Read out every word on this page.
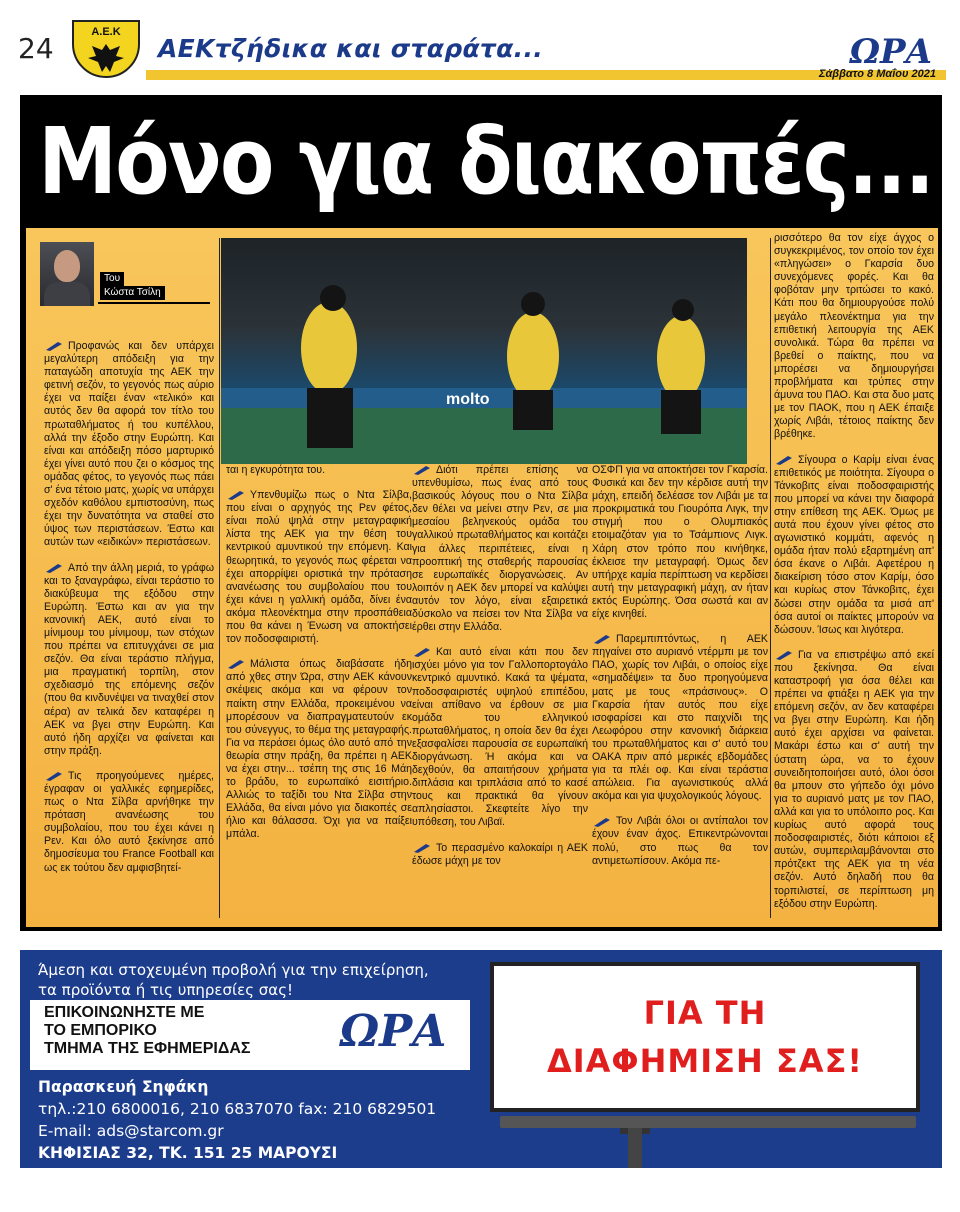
24	Α.Ε.Κ
ΑΕΚτζήδικα και σταράτα...	ΩΡΑ
Σάββατο 8 Μαΐου 2021
Μόνο για διακοπές...
Του
Κώστα Τσίλη
molto

Προφανώς και δεν υπάρχει μεγαλύτερη απόδειξη για την παταγώδη αποτυχία της ΑΕΚ την φετινή σεζόν, το γεγονός πως αύριο έχει να παίξει έναν «τελικό» και αυτός δεν θα αφορά τον τίτλο του πρωταθλήματος ή του κυπέλλου, αλλά την έξοδο στην Ευρώπη. Και είναι και απόδειξη πόσο μαρτυρικό έχει γίνει αυτό που ζει ο κόσμος της ομάδας φέτος, το γεγονός πως πάει σ' ένα τέτοιο ματς, χωρίς να υπάρχει σχεδόν καθόλου εμπιστοσύνη, πως έχει την δυνατότητα να σταθεί στο ύψος των περιστάσεων. Έστω και αυτών των «ειδικών» περιστάσεων.

Από την άλλη μεριά, το γράφω και το ξαναγράφω, είναι τεράστιο το διακύβευμα της εξόδου στην Ευρώπη. Έστω και αν για την κανονική ΑΕΚ, αυτό είναι το μίνιμουμ του μίνιμουμ, των στόχων που πρέπει να επιτυγχάνει σε μια σεζόν. Θα είναι τεράστιο πλήγμα, μια πραγματική τορπίλη, στον σχεδιασμό της επόμενης σεζόν (που θα κινδυνέψει να τιναχθεί στον αέρα) αν τελικά δεν καταφέρει η ΑΕΚ να βγει στην Ευρώπη. Και αυτό ήδη αρχίζει να φαίνεται και στην πράξη.

Τις προηγούμενες ημέρες, έγραφαν οι γαλλικές εφημερίδες, πως ο Ντα Σίλβα αρνήθηκε την πρόταση ανανέωσης του συμβολαίου, που του έχει κάνει η Ρεν. Και όλο αυτό ξεκίνησε από δημοσίευμα του France Football και ως εκ τούτου δεν αμφισβητεί-

ται η εγκυρότητα του.

Υπενθυμίζω πως ο Ντα Σίλβα, που είναι ο αρχηγός της Ρεν φέτος, είναι πολύ ψηλά στην μεταγραφική λίστα της ΑΕΚ για την θέση του κεντρικού αμυντικού την επόμενη. Και θεωρητικά, το γεγονός πως φέρεται να έχει απορρίψει οριστικά την πρόταση ανανέωσης του συμβολαίου που του έχει κάνει η γαλλική ομάδα, δίνει ένα ακόμα πλεονέκτημα στην προσπάθεια που θα κάνει η Ένωση να αποκτήσει τον ποδοσφαιριστή.

Μάλιστα όπως διαβάσατε ήδη από χθες στην Ώρα, στην ΑΕΚ κάνουν σκέψεις ακόμα και να φέρουν τον παίκτη στην Ελλάδα, προκειμένου να μπορέσουν να διαπραγματευτούν εκ του σύνεγγυς, το θέμα της μεταγραφής. Για να περάσει όμως όλο αυτό από την θεωρία στην πράξη, θα πρέπει η ΑΕΚ να έχει στην... τσέπη της στις 16 Μάη το βράδυ, το ευρωπαϊκό εισιτήριο. Αλλιώς το ταξίδι του Ντα Σίλβα στην Ελλάδα, θα είναι μόνο για διακοπές σε ήλιο και θάλασσα. Όχι για να παίξει μπάλα.

Διότι πρέπει επίσης να υπενθυμίσω, πως ένας από τους βασικούς λόγους που ο Ντα Σίλβα δεν θέλει να μείνει στην Ρεν, σε μια μεσαίου βεληνεκούς ομάδα του γαλλικού πρωταθλήματος και κοιτάζει για άλλες περιπέτειες, είναι η προοπτική της σταθερής παρουσίας σε ευρωπαϊκές διοργανώσεις. Αν λοιπόν η ΑΕΚ δεν μπορεί να καλύψει αυτόν τον λόγο, είναι εξαιρετικά δύσκολο να πείσει τον Ντα Σίλβα να έρθει στην Ελλάδα.

Και αυτό είναι κάτι που δεν ισχύει μόνο για τον Γαλλοπορτογάλο κεντρικό αμυντικό. Κακά τα ψέματα, ποδοσφαιριστές υψηλού επιπέδου, είναι απίθανο να έρθουν σε μια ομάδα του ελληνικού πρωταθλήματος, η οποία δεν θα έχει εξασφαλίσει παρουσία σε ευρωπαϊκή διοργάνωση. Ή ακόμα και να δεχθούν, θα απαιτήσουν χρήματα διπλάσια και τριπλάσια από το κασέ τους και πρακτικά θα γίνουν απλησίαστοι. Σκεφτείτε λίγο την υπόθεση, του Λιβαϊ.

Το περασμένο καλοκαίρι η ΑΕΚ έδωσε μάχη με τον

ΟΣΦΠ για να αποκτήσει τον Γκαρσία. Φυσικά και δεν την κέρδισε αυτή την μάχη, επειδή δελέασε τον Λιβάι με τα προκριματικά του Γιουρόπα Λιγκ, την στιγμή που ο Ολυμπιακός ετοιμαζόταν για το Τσάμπιονς Λιγκ. Χάρη στον τρόπο που κινήθηκε, έκλεισε την μεταγραφή. Όμως δεν υπήρχε καμία περίπτωση να κερδίσει αυτή την μεταγραφική μάχη, αν ήταν εκτός Ευρώπης. Όσα σωστά και αν είχε κινηθεί.

Παρεμπιπτόντως, η ΑΕΚ πηγαίνει στο αυριανό ντέρμπι με τον ΠΑΟ, χωρίς τον Λιβάι, ο οποίος είχε «σημαδέψει» τα δυο προηγούμενα ματς με τους «πράσινους». Ο Γκαρσία ήταν αυτός που είχε ισοφαρίσει και στο παιχνίδι της Λεωφόρου στην κανονική διάρκεια του πρωταθλήματος και σ' αυτό του ΟΑΚΑ πριν από μερικές εβδομάδες για τα πλέι οφ. Και είναι τεράστια απώλεια. Για αγωνιστικούς αλλά ακόμα και για ψυχολογικούς λόγους.

Τον Λιβάι όλοι οι αντίπαλοι τον έχουν έναν άχος. Επικεντρώνονται πολύ, στο πως θα τον αντιμετωπίσουν. Ακόμα πε-

ρισσότερο θα τον είχε άγχος ο συγκεκριμένος, τον οποίο τον έχει «πληγώσει» ο Γκαρσία δυο συνεχόμενες φορές. Και θα φοβόταν μην τριτώσει το κακό. Κάτι που θα δημιουργούσε πολύ μεγάλο πλεονέκτημα για την επιθετική λειτουργία της ΑΕΚ συνολικά. Τώρα θα πρέπει να βρεθεί ο παίκτης, που να μπορέσει να δημιουργήσει προβλήματα και τρύπες στην άμυνα του ΠΑΟ. Και στα δυο ματς με τον ΠΑΟΚ, που η ΑΕΚ έπαιξε χωρίς Λιβάι, τέτοιος παίκτης δεν βρέθηκε.

Σίγουρα ο Καρίμ είναι ένας επιθετικός με ποιότητα. Σίγουρα ο Τάνκοβιτς είναι ποδοσφαιριστής που μπορεί να κάνει την διαφορά στην επίθεση της ΑΕΚ. Όμως με αυτά που έχουν γίνει φέτος στο αγωνιστικό κομμάτι, αφενός η ομάδα ήταν πολύ εξαρτημένη απ' όσα έκανε ο Λιβάι. Αφετέρου η διακείριση τόσο στον Καρίμ, όσο και κυρίως στον Τάνκοβιτς, έχει δώσει στην ομάδα τα μισά απ' όσα αυτοί οι παίκτες μπορούν να δώσουν. Ίσως και λιγότερα.

Για να επιστρέψω από εκεί που ξεκίνησα. Θα είναι καταστροφή για όσα θέλει και πρέπει να φτιάξει η ΑΕΚ για την επόμενη σεζόν, αν δεν καταφέρει να βγει στην Ευρώπη. Και ήδη αυτό έχει αρχίσει να φαίνεται. Μακάρι έστω και σ' αυτή την ύστατη ώρα, να το έχουν συνειδητοποιήσει αυτό, όλοι όσοι θα μπουν στο γήπεδο όχι μόνο για το αυριανό ματς με τον ΠΑΟ, αλλά και για το υπόλοιπο ρος. Και κυρίως αυτό αφορά τους ποδοσφαιριστές, διότι κάποιοι εξ αυτών, συμπεριλαμβάνονται στο πρότζεκτ της ΑΕΚ για τη νέα σεζόν. Αυτό δηλαδή που θα τορπιλιστεί, σε περίπτωση μη εξόδου στην Ευρώπη.

Άμεση και στοχευμένη προβολή για την επιχείρηση,
τα προϊόντα ή τις υπηρεσίες σας!
ΕΠΙΚΟΙΝΩΝΗΣΤΕ ΜΕ
ΤΟ ΕΜΠΟΡΙΚΟ
ΤΜΗΜΑ ΤΗΣ ΕΦΗΜΕΡΙΔΑΣ ΩΡΑ
Παρασκευή Σηφάκη
τηλ.:210 6800016, 210 6837070 fax: 210 6829501
E-mail: ads@starcom.gr
ΚΗΦΙΣΙΑΣ 32, ΤΚ. 151 25 ΜΑΡΟΥΣΙ
ΓΙΑ ΤΗ
ΔΙΑΦΗΜΙΣΗ ΣΑΣ!
